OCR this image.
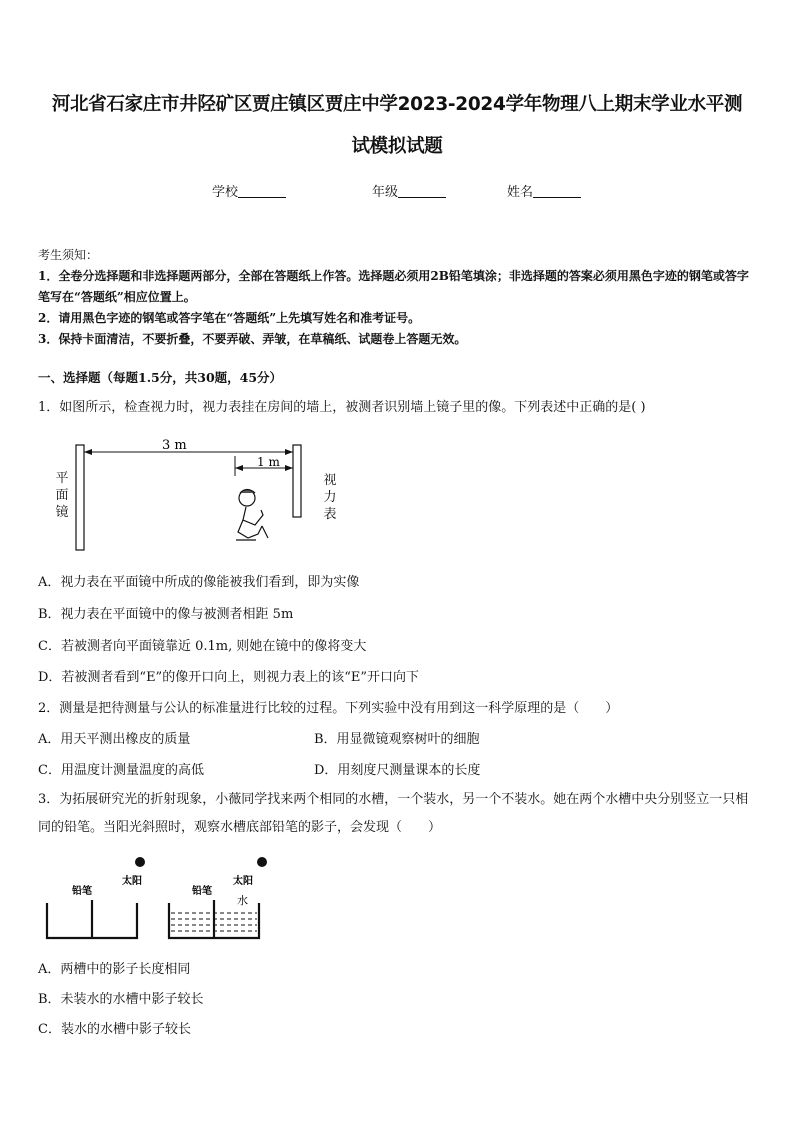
河北省石家庄市井陉矿区贾庄镇区贾庄中学2023-2024学年物理八上期末学业水平测
试模拟试题
学校	年级	姓名
考生须知：
1．全卷分选择题和非选择题两部分，全部在答题纸上作答。选择题必须用2B铅笔填涂；非选择题的答案必须用黑色字迹的钢笔或答字笔写在“答题纸”相应位置上。
2．请用黑色字迹的钢笔或答字笔在“答题纸”上先填写姓名和准考证号。
3．保持卡面清洁，不要折叠，不要弄破、弄皱，在草稿纸、试题卷上答题无效。
一、选择题（每题1.5分，共30题，45分）
1．如图所示，检查视力时，视力表挂在房间的墙上，被测者识别墙上镜子里的像。下列表述中正确的是( )
3 m
1 m
平面镜
视力表
A．视力表在平面镜中所成的像能被我们看到，即为实像
B．视力表在平面镜中的像与被测者相距 5m
C．若被测者向平面镜靠近 0.1m, 则她在镜中的像将变大
D．若被测者看到“E”的像开口向上，则视力表上的该“E”开口向下
2．测量是把待测量与公认的标准量进行比较的过程。下列实验中没有用到这一科学原理的是（　　）
A．用天平测出橡皮的质量	B．用显微镜观察树叶的细胞
C．用温度计测量温度的高低	D．用刻度尺测量课本的长度
3．为拓展研究光的折射现象，小薇同学找来两个相同的水槽，一个装水，另一个不装水。她在两个水槽中央分别竖立一只相同的铅笔。当阳光斜照时，观察水槽底部铅笔的影子，会发现（　　）
铅笔
太阳
铅笔
太阳
水
A．两槽中的影子长度相同
B．未装水的水槽中影子较长
C．装水的水槽中影子较长
